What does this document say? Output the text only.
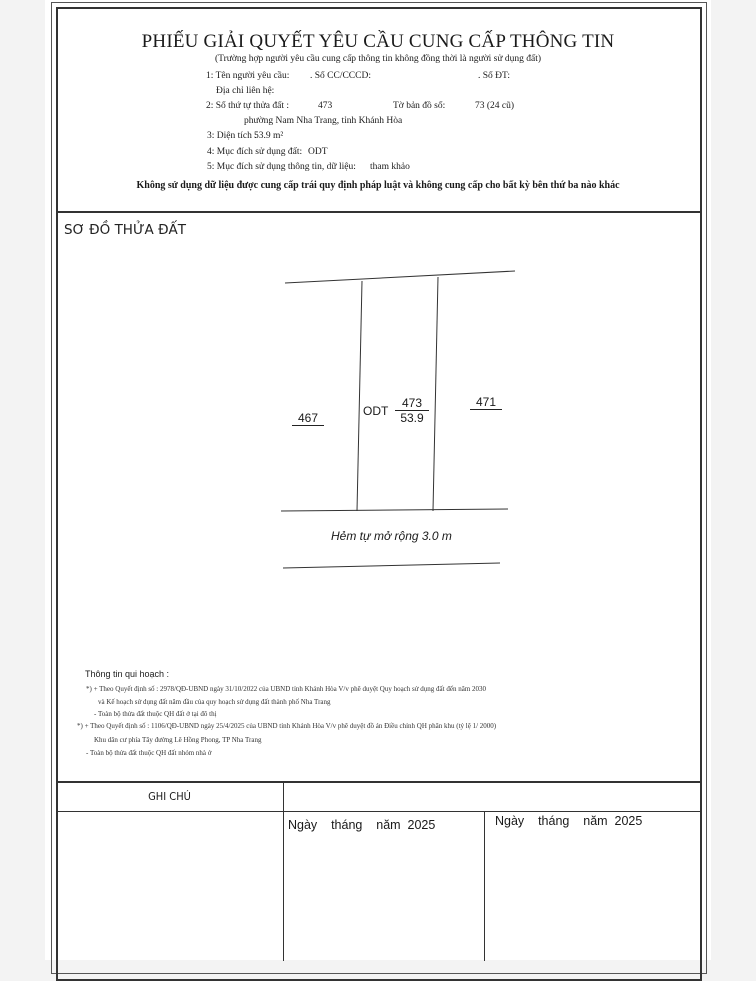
PHIẾU GIẢI QUYẾT YÊU CẦU CUNG CẤP THÔNG TIN
(Trường hợp người yêu cầu cung cấp thông tin không đồng thời là người sử dụng đất)
1: Tên người yêu cầu: . Số CC/CCCD:	. Số ĐT:
Địa chỉ liên hệ:
2: Số thứ tự thửa đất :	473	Tờ bản đồ số:	73 (24 cũ)
phường Nam Nha Trang, tỉnh Khánh Hòa
3: Diện tích :
53.9 m²
4: Mục đích sử dụng đất: ODT
5: Mục đích sử dụng thông tin, dữ liệu: tham khảo
Không sử dụng dữ liệu được cung cấp trái quy định pháp luật và không cung cấp cho bất kỳ bên thứ ba nào khác
SƠ ĐỒ THỬA ĐẤT
467	ODT
473
53.9
471
Hẻm tự mở rộng 3.0 m
Thông tin qui hoạch :
*) + Theo Quyết định số : 2978/QĐ-UBND ngày 31/10/2022 của UBND tỉnh Khánh Hòa V/v phê duyệt Quy hoạch sử dụng đất đến năm 2030
và Kế hoạch sử dụng đất năm đầu của quy hoạch sử dụng đất thành phố Nha Trang
- Toàn bộ thửa đất thuộc QH đất ở tại đô thị
*) + Theo Quyết định số : 1106/QĐ-UBND ngày 25/4/2025 của UBND tỉnh Khánh Hòa V/v phê duyệt đồ án Điều chỉnh QH phân khu (tỷ lệ 1/ 2000)
Khu dân cư phía Tây đường Lê Hồng Phong, TP Nha Trang
- Toàn bộ thửa đất thuộc QH đất nhóm nhà ở
GHI CHÚ
Ngày    tháng    năm  2025	Ngày    tháng    năm  2025
